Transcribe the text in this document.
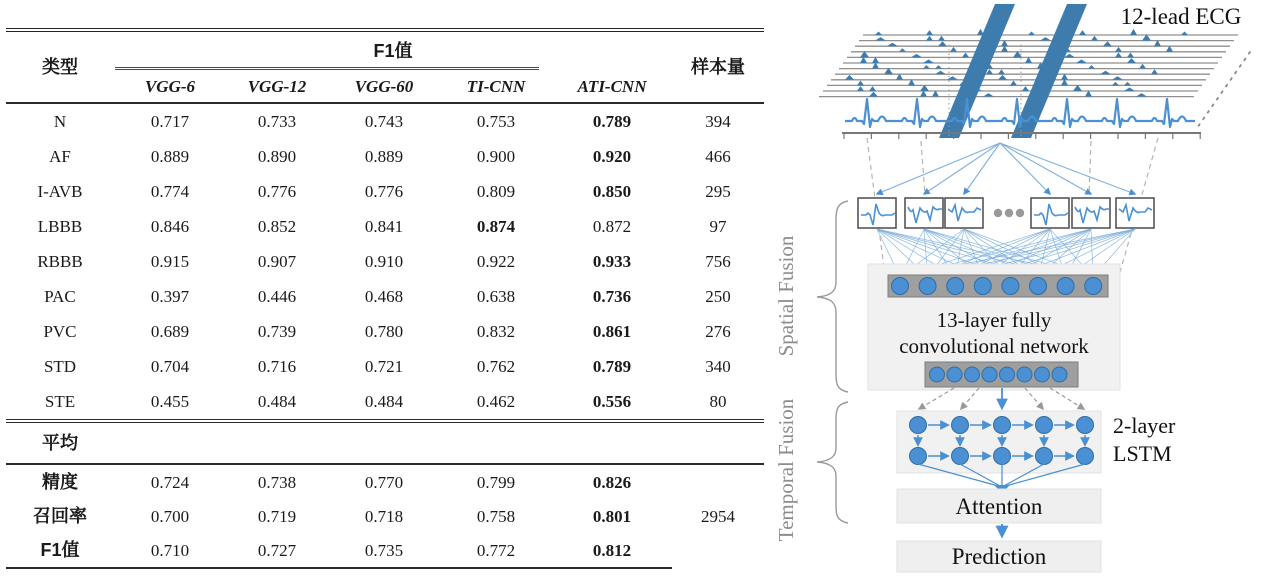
类型	F1值					样本量
	VGG-6	VGG-12	VGG-60	TI-CNN	ATI-CNN	
N	0.717	0.733	0.743	0.753	0.789	394
AF	0.889	0.890	0.889	0.900	0.920	466
I-AVB	0.774	0.776	0.776	0.809	0.850	295
LBBB	0.846	0.852	0.841	0.874	0.872	97
RBBB	0.915	0.907	0.910	0.922	0.933	756
PAC	0.397	0.446	0.468	0.638	0.736	250
PVC	0.689	0.739	0.780	0.832	0.861	276
STD	0.704	0.716	0.721	0.762	0.789	340
STE	0.455	0.484	0.484	0.462	0.556	80
平均						
精度	0.724	0.738	0.770	0.799	0.826	2954
召回率	0.700	0.719	0.718	0.758	0.801	
F1值	0.710	0.727	0.735	0.772	0.812	
12-lead ECG
13-layer fully
convolutional network
2-layer
LSTM
Attention
Prediction
Spatial Fusion
Temporal Fusion
